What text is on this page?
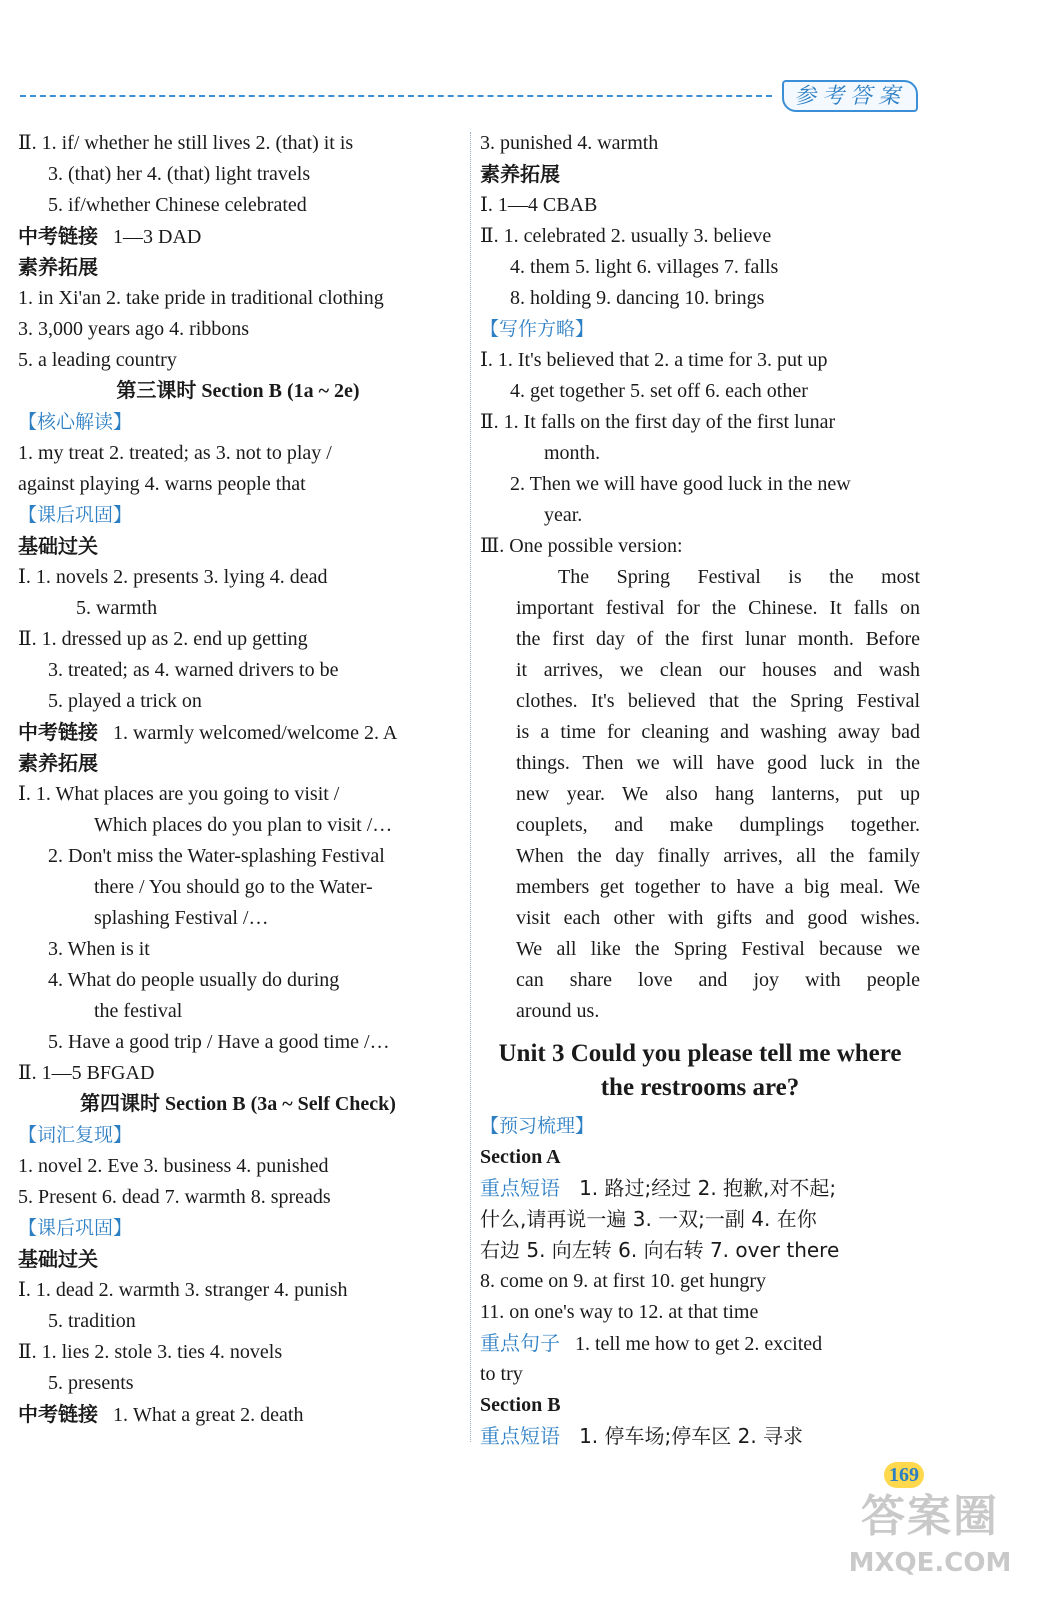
参考答案
Ⅱ. 1. if/ whether he still lives 2. (that) it is
3. (that) her 4. (that) light travels
5. if/whether Chinese celebrated
中考链接 1—3 DAD
素养拓展
1. in Xi'an 2. take pride in traditional clothing
3. 3,000 years ago 4. ribbons
5. a leading country
第三课时 Section B (1a ~ 2e)
【核心解读】
1. my treat 2. treated; as 3. not to play /
against playing 4. warns people that
【课后巩固】
基础过关
Ⅰ. 1. novels 2. presents 3. lying 4. dead
5. warmth
Ⅱ. 1. dressed up as 2. end up getting
3. treated; as 4. warned drivers to be
5. played a trick on
中考链接 1. warmly welcomed/welcome 2. A
素养拓展
Ⅰ. 1. What places are you going to visit /
Which places do you plan to visit /…
2. Don't miss the Water-splashing Festival
there / You should go to the Water-
splashing Festival /…
3. When is it
4. What do people usually do during
the festival
5. Have a good trip / Have a good time /…
Ⅱ. 1—5 BFGAD
第四课时 Section B (3a ~ Self Check)
【词汇复现】
1. novel 2. Eve 3. business 4. punished
5. Present 6. dead 7. warmth 8. spreads
【课后巩固】
基础过关
Ⅰ. 1. dead 2. warmth 3. stranger 4. punish
5. tradition
Ⅱ. 1. lies 2. stole 3. ties 4. novels
5. presents
中考链接 1. What a great 2. death
3. punished 4. warmth
素养拓展
Ⅰ. 1—4 CBAB
Ⅱ. 1. celebrated 2. usually 3. believe
4. them 5. light 6. villages 7. falls
8. holding 9. dancing 10. brings
【写作方略】
Ⅰ. 1. It's believed that 2. a time for 3. put up
4. get together 5. set off 6. each other
Ⅱ. 1. It falls on the first day of the first lunar
month.
2. Then we will have good luck in the new
year.
Ⅲ. One possible version:
The Spring Festival is the most
important festival for the Chinese. It falls on
the first day of the first lunar month. Before
it arrives, we clean our houses and wash
clothes. It's believed that the Spring Festival
is a time for cleaning and washing away bad
things. Then we will have good luck in the
new year. We also hang lanterns, put up
couplets, and make dumplings together.
When the day finally arrives, all the family
members get together to have a big meal. We
visit each other with gifts and good wishes.
We all like the Spring Festival because we
can share love and joy with people
around us.
Unit 3 Could you please tell me where
the restrooms are?
【预习梳理】
Section A
重点短语 1. 路过;经过 2. 抱歉,对不起;
什么,请再说一遍 3. 一双;一副 4. 在你
右边 5. 向左转 6. 向右转 7. over there
8. come on 9. at first 10. get hungry
11. on one's way to 12. at that time
重点句子 1. tell me how to get 2. excited
to try
Section B
重点短语 1. 停车场;停车区 2. 寻求
169
答案圈
MXQE.COM
